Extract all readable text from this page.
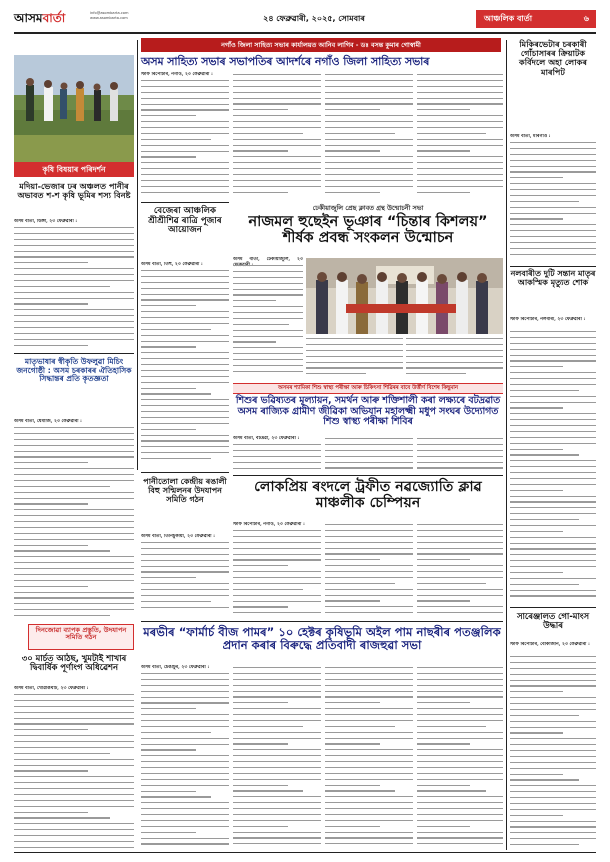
আসমবাৰ্তা	info@asombarta.com
www.asombarta.com	২৪ ফেব্ৰুৱাৰী, ২০২৫, সোমবাৰ	আঞ্চলিক বাৰ্তা	৬
কৃষি বিষয়াৰ পৰিদৰ্শন
মদিয়া-ভেজাৰ ঢৰ অঞ্চলত পানীৰ অভাবত শ-শ কৃষি ভূমিৰ শস্য বিনষ্ট
অসম বাৰ্তা, ডিঙ্গা, ২৩ ফেব্ৰুৱাৰী :
মাতৃভাষাৰ স্বীকৃতি উফলুৱা মিচিং জনগোষ্ঠী : অসম চৰকাৰৰ ঐতিহাসিক সিদ্ধান্তৰ প্ৰতি কৃতজ্ঞতা
অসম বাৰ্তা, ধেমাজি, ২৩ ফেব্ৰুৱাৰী :
দিনজোৱা ব্যাপক প্ৰস্তুতি, উদযাপন সমিতি গঠন
৩০ মাৰ্চত আঠছ, খুমটাই শাখাৰ দ্বিবাৰ্ষিক পূৰ্ণাংগ অধিৱেশন
অসম বাৰ্তা, খোৱাঙঘাট, ২৩ ফেব্ৰুৱাৰী :
নগাঁও জিলা সাহিত্য সভাৰ কাৰ্যালয়ত আনিব লাগিব - ডঃ বসন্ত কুমাৰ গোস্বামী
অসম সাহিত্য সভাৰ সভাপতিৰ আদৰ্শৰে নগাঁও জিলা সাহিত্য সভাৰ
স্টাফ ৰিপোৰ্টাৰ, নগাঁও, ২৩ ফেব্ৰুৱাৰী :
বেজেৰা আঞ্চলিক শ্ৰীশ্ৰীশিৱ ৰাত্ৰি পূজাৰ আয়োজন
অসম বাৰ্তা, তিহু, ২৩ ফেব্ৰুৱাৰী :
পানীতোলা কেন্দ্ৰীয় ৰঙালী বিহু সন্মিলনৰ উদযাপন সমিতি গঠন
অসম বাৰ্তা, তিনিচুকীয়া, ২৩ ফেব্ৰুৱাৰী :
ঢেকীয়াজুলি প্ৰেছ ক্লাবত গ্ৰন্থ উন্মোচনী সভা
নাজমল হুছেইন ভূঞাৰ “চিন্তাৰ কিশলয়” শীৰ্ষক প্ৰবন্ধ সংকলন উন্মোচন
অসম বাৰ্তা, ঢেকীয়াজুলি, ২৩
অসমৰ শ্যামিকা শিশু স্বাস্থ্য পৰীক্ষা আৰু চিকিৎসা শিৱিৰৰ বাবে উৰ্ত্তীৰ্ণ বিশেষ কিছুমান
শিশুৰ ভৱিষ্যতৰ মূল্যায়ন, সমৰ্থন আৰু শক্তিশালী কৰা লক্ষ্যৰে বটদ্ৰৱাত অসম ৰাজ্যিক গ্ৰামীণ জীৱিকা অভিযান মহালক্ষ্মী মধুপ সংঘৰ উদ্যোগত শিশু স্বাস্থ্য পৰীক্ষা শিবিৰ
অসম বাৰ্তা, বটদ্ৰৱা, ২৩ ফেব্ৰুৱাৰী :
লোকপ্ৰিয় ৰংদলে ট্ৰফীত নৱজ্যোতি ক্লাৱ মাঞ্চলীক চেম্পিয়ন
স্টাফ ৰিপোৰ্টাৰ, নগাঁও, ২৩ ফেব্ৰুৱাৰী :
মৰভীৰ “ফাৰ্মাৰ্চ বীজ পামৰ” ১০ হেক্টৰ কৃষিভূমি অইল পাম নাছৰীৰ পতঞ্জলিক প্ৰদান কৰাৰ বিৰুদ্ধে প্ৰতিবাদী ৰাজহুৱা সভা
অসম বাৰ্তা, চেঙাচুৰ, ২৩ ফেব্ৰুৱাৰী :
মিকিৰভেটাৰ চৰকাৰী গোঁচাসাৰৰ ক্ৰিয়াটক কৰ্বিদলে অহা লোকৰ মাৰপিট
অসম বাৰ্তা, মৰিগাঁও :
নলবাৰীত দুটি সন্তান মাতৃৰ আকস্মিক মৃত্যুত শোক
স্টাফ ৰিপোৰ্টাৰ, নলবাৰী, ২৩ ফেব্ৰুৱাৰী :
সাৰেঞ্জালত গো-মাংস উদ্ধাৰ
স্টাফ ৰিপোৰ্টাৰ, বোকাজান, ২৩ ফেব্ৰুৱাৰী :
